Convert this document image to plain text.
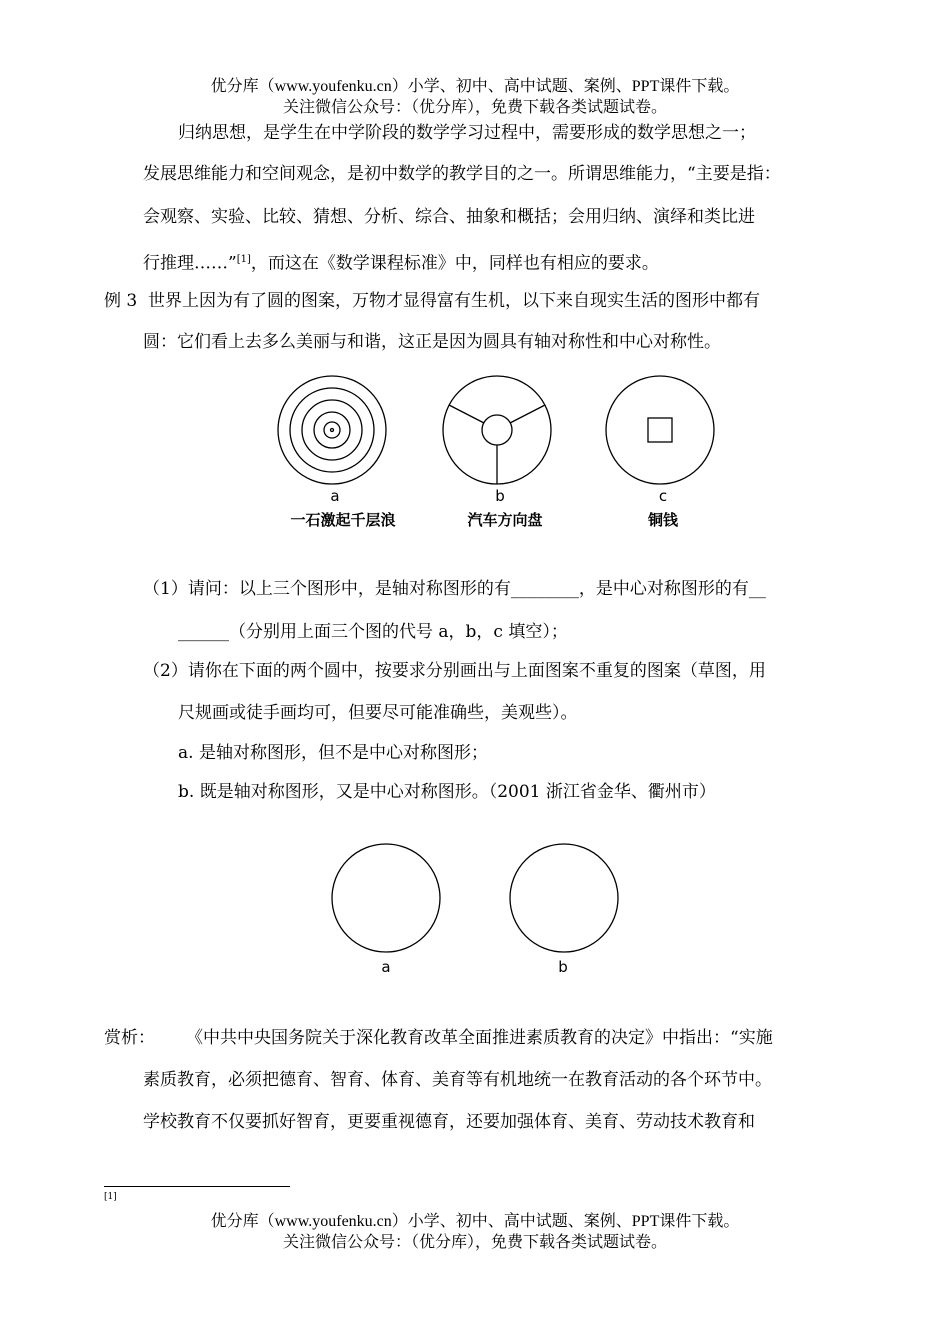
优分库（www.youfenku.cn）小学、初中、高中试题、案例、PPT课件下载。
关注微信公众号：（优分库），免费下载各类试题试卷。
归纳思想，是学生在中学阶段的数学学习过程中，需要形成的数学思想之一；
发展思维能力和空间观念，是初中数学的教学目的之一。所谓思维能力，“主要是指：
会观察、实验、比较、猜想、分析、综合、抽象和概括；会用归纳、演绎和类比进
行推理……”[1]，而这在《数学课程标准》中，同样也有相应的要求。
例 3 世界上因为有了圆的图案，万物才显得富有生机，以下来自现实生活的图形中都有
圆：它们看上去多么美丽与和谐，这正是因为圆具有轴对称性和中心对称性。
a	b	c
一石激起千层浪	汽车方向盘	铜钱
（1）请问：以上三个图形中，是轴对称图形的有________，是中心对称图形的有__
______（分别用上面三个图的代号 a，b，c 填空）；
（2）请你在下面的两个圆中，按要求分别画出与上面图案不重复的图案（草图，用
尺规画或徒手画均可，但要尽可能准确些，美观些）。
a. 是轴对称图形，但不是中心对称图形；
b. 既是轴对称图形，又是中心对称图形。（2001 浙江省金华、衢州市）
a	b
赏析： 《中共中央国务院关于深化教育改革全面推进素质教育的决定》中指出：“实施
素质教育，必须把德育、智育、体育、美育等有机地统一在教育活动的各个环节中。
学校教育不仅要抓好智育，更要重视德育，还要加强体育、美育、劳动技术教育和
[1]
优分库（www.youfenku.cn）小学、初中、高中试题、案例、PPT课件下载。
关注微信公众号：（优分库），免费下载各类试题试卷。
